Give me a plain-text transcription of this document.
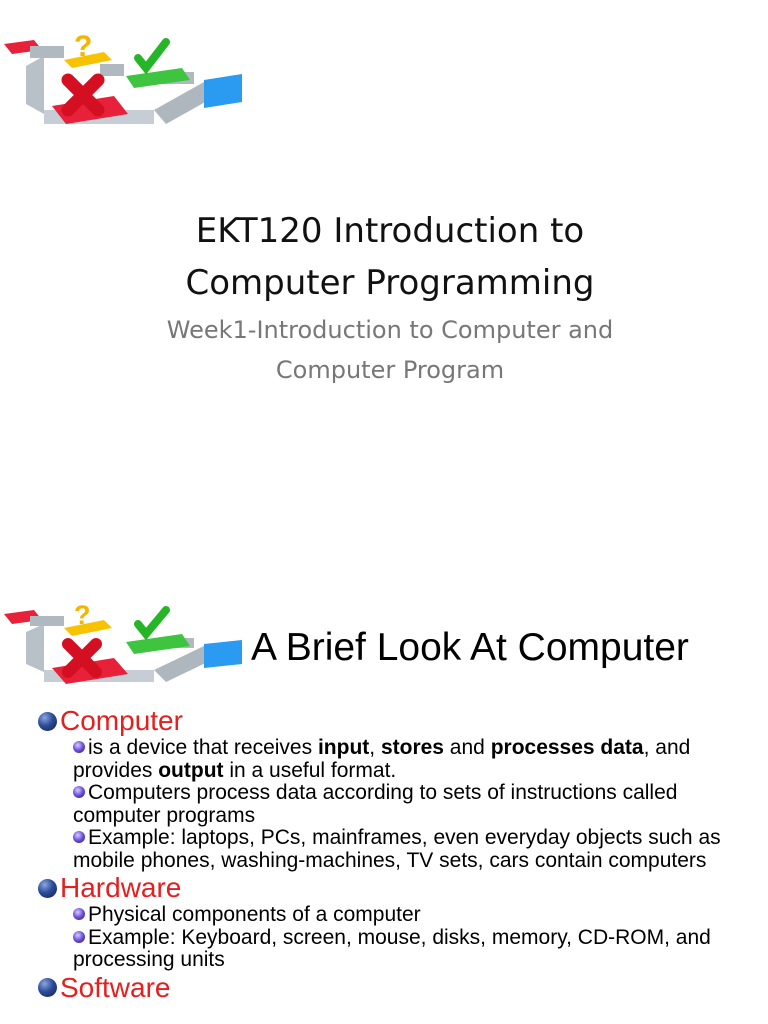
?
EKT120 Introduction to
Computer Programming
Week1-Introduction to Computer and
Computer Program
?
A Brief Look At Computer
Computer
is a device that receives input, stores and processes data, and provides output in a useful format.
Computers process data according to sets of instructions called computer programs
Example: laptops, PCs, mainframes, even everyday objects such as mobile phones, washing-machines, TV sets, cars contain computers
Hardware
Physical components of a computer
Example: Keyboard, screen, mouse, disks, memory, CD-ROM, and processing units
Software
